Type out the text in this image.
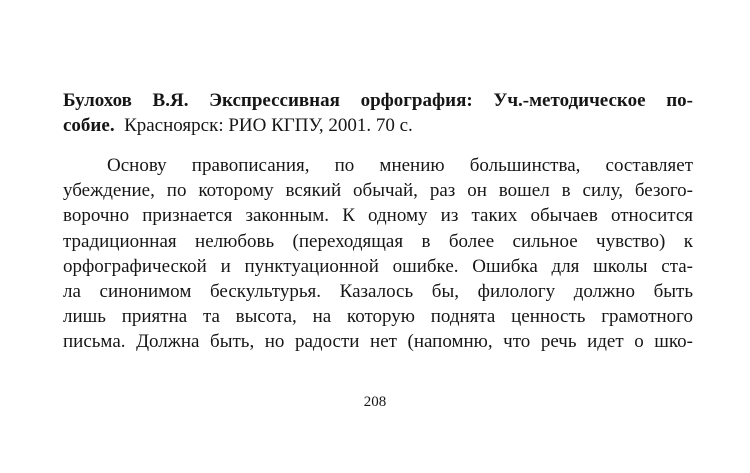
Булохов В.Я. Экспрессивная орфография: Уч.-методическое по-
собие. Красноярск: РИО КГПУ, 2001. 70 с.
Основу правописания, по мнению большинства, составляет
убеждение, по которому всякий обычай, раз он вошел в силу, безого-
ворочно признается законным. К одному из таких обычаев относится
традиционная нелюбовь (переходящая в более сильное чувство) к
орфографической и пунктуационной ошибке. Ошибка для школы ста-
ла синонимом бескультурья. Казалось бы, филологу должно быть
лишь приятна та высота, на которую поднята ценность грамотного
письма. Должна быть, но радости нет (напомню, что речь идет о шко-
208
